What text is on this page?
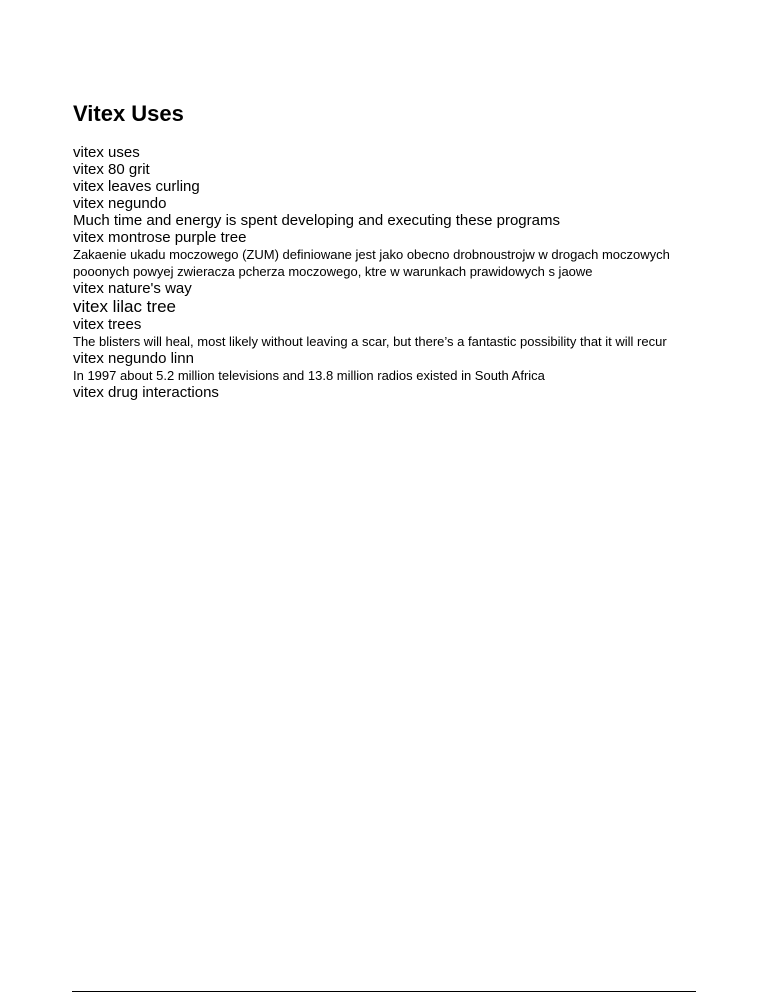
Vitex Uses
vitex uses
vitex 80 grit
vitex leaves curling
vitex negundo
Much time and energy is spent developing and executing these programs
vitex montrose purple tree
Zakaenie ukadu moczowego (ZUM) definiowane jest jako obecno drobnoustrojw w drogach moczowych pooonych powyej zwieracza pcherza moczowego, ktre w warunkach prawidowych s jaowe
vitex nature's way
vitex lilac tree
vitex trees
The blisters will heal, most likely without leaving a scar, but there’s a fantastic possibility that it will recur
vitex negundo linn
In 1997 about 5.2 million televisions and 13.8 million radios existed in South Africa
vitex drug interactions
